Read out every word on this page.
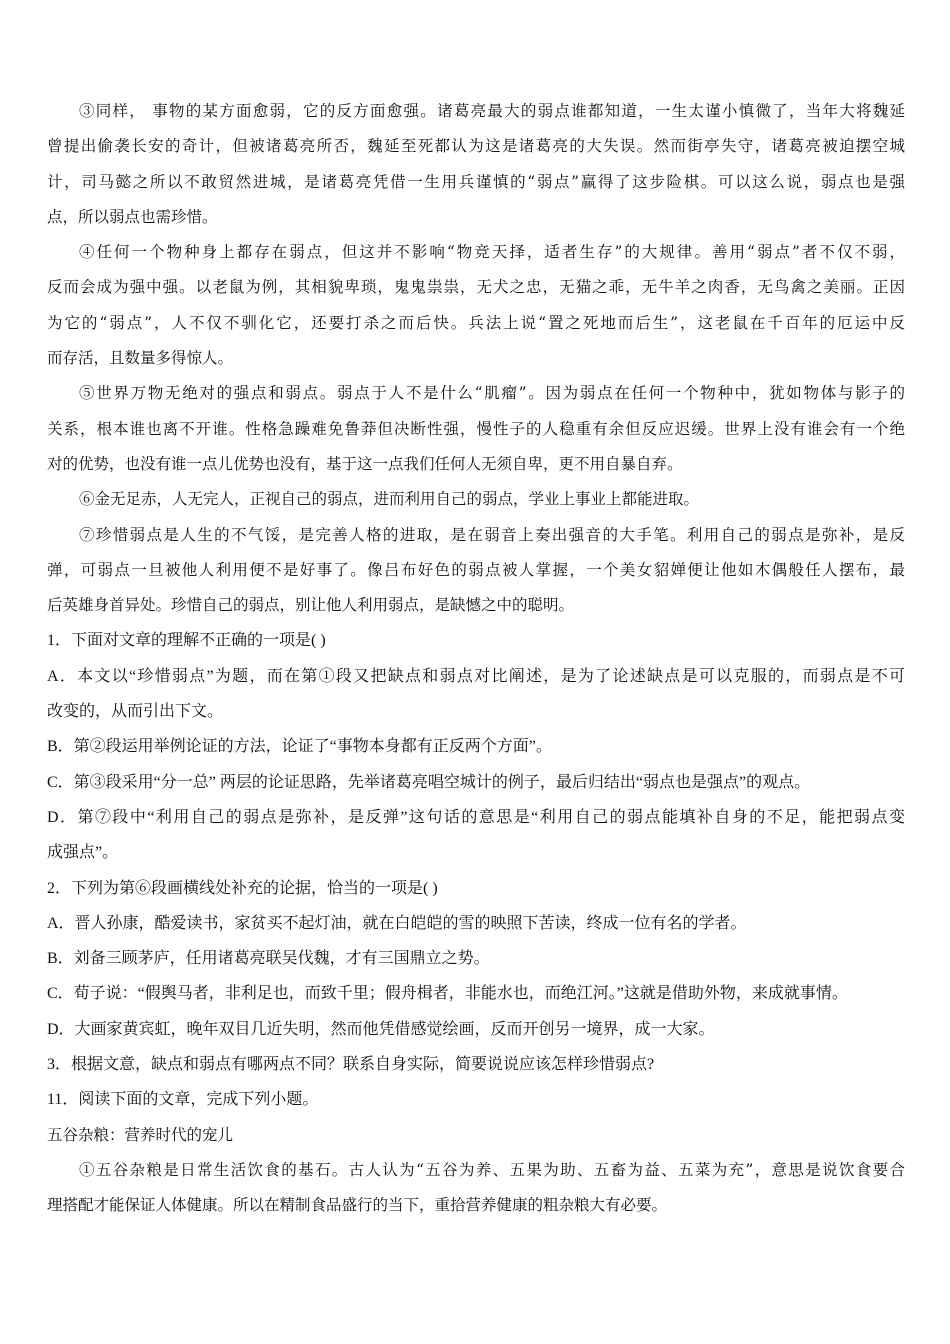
③同样， 事物的某方面愈弱，它的反方面愈强。诸葛亮最大的弱点谁都知道，一生太谨小慎微了，当年大将魏延
曾提出偷袭长安的奇计，但被诸葛亮所否，魏延至死都认为这是诸葛亮的大失误。然而街亭失守，诸葛亮被迫摆空城
计，司马懿之所以不敢贸然进城，是诸葛亮凭借一生用兵谨慎的“弱点”赢得了这步险棋。可以这么说，弱点也是强
点，所以弱点也需珍惜。
④任何一个物种身上都存在弱点，但这并不影响“物竞天择，适者生存”的大规律。善用“弱点”者不仅不弱，
反而会成为强中强。以老鼠为例，其相貌卑琐，鬼鬼祟祟，无犬之忠，无猫之乖，无牛羊之肉香，无鸟禽之美丽。正因
为它的“弱点”，人不仅不驯化它，还要打杀之而后快。兵法上说“置之死地而后生”，这老鼠在千百年的厄运中反
而存活，且数量多得惊人。
⑤世界万物无绝对的强点和弱点。弱点于人不是什么“肌瘤”。因为弱点在任何一个物种中，犹如物体与影子的
关系，根本谁也离不开谁。性格急躁难免鲁莽但决断性强，慢性子的人稳重有余但反应迟缓。世界上没有谁会有一个绝
对的优势，也没有谁一点儿优势也没有，基于这一点我们任何人无须自卑，更不用自暴自弃。
⑥金无足赤，人无完人，正视自己的弱点，进而利用自己的弱点，学业上事业上都能进取。
⑦珍惜弱点是人生的不气馁，是完善人格的进取，是在弱音上奏出强音的大手笔。利用自己的弱点是弥补，是反
弹，可弱点一旦被他人利用便不是好事了。像吕布好色的弱点被人掌握，一个美女貂婵便让他如木偶般任人摆布，最
后英雄身首异处。珍惜自己的弱点，别让他人利用弱点，是缺憾之中的聪明。
1．下面对文章的理解不正确的一项是( )
A．本文以“珍惜弱点”为题，而在第①段又把缺点和弱点对比阐述，是为了论述缺点是可以克服的，而弱点是不可
改变的，从而引出下文。
B．第②段运用举例论证的方法，论证了“事物本身都有正反两个方面”。
C．第③段采用“分一总” 两层的论证思路，先举诸葛亮唱空城计的例子，最后归结出“弱点也是强点”的观点。
D．第⑦段中“利用自己的弱点是弥补，是反弹”这句话的意思是“利用自己的弱点能填补自身的不足，能把弱点变
成强点”。
2．下列为第⑥段画横线处补充的论据，恰当的一项是( )
A．晋人孙康，酷爱读书，家贫买不起灯油，就在白皑皑的雪的映照下苦读，终成一位有名的学者。
B．刘备三顾茅庐，任用诸葛亮联吴伐魏，才有三国鼎立之势。
C．荀子说：“假舆马者，非利足也，而致千里；假舟楫者，非能水也，而绝江河。”这就是借助外物，来成就事情。
D．大画家黄宾虹，晚年双目几近失明，然而他凭借感觉绘画，反而开创另一境界，成一大家。
3．根据文意，缺点和弱点有哪两点不同？联系自身实际，简要说说应该怎样珍惜弱点?
11．阅读下面的文章，完成下列小题。
五谷杂粮：营养时代的宠儿
①五谷杂粮是日常生活饮食的基石。古人认为“五谷为养、五果为助、五畜为益、五菜为充”，意思是说饮食要合
理搭配才能保证人体健康。所以在精制食品盛行的当下，重拾营养健康的粗杂粮大有必要。
